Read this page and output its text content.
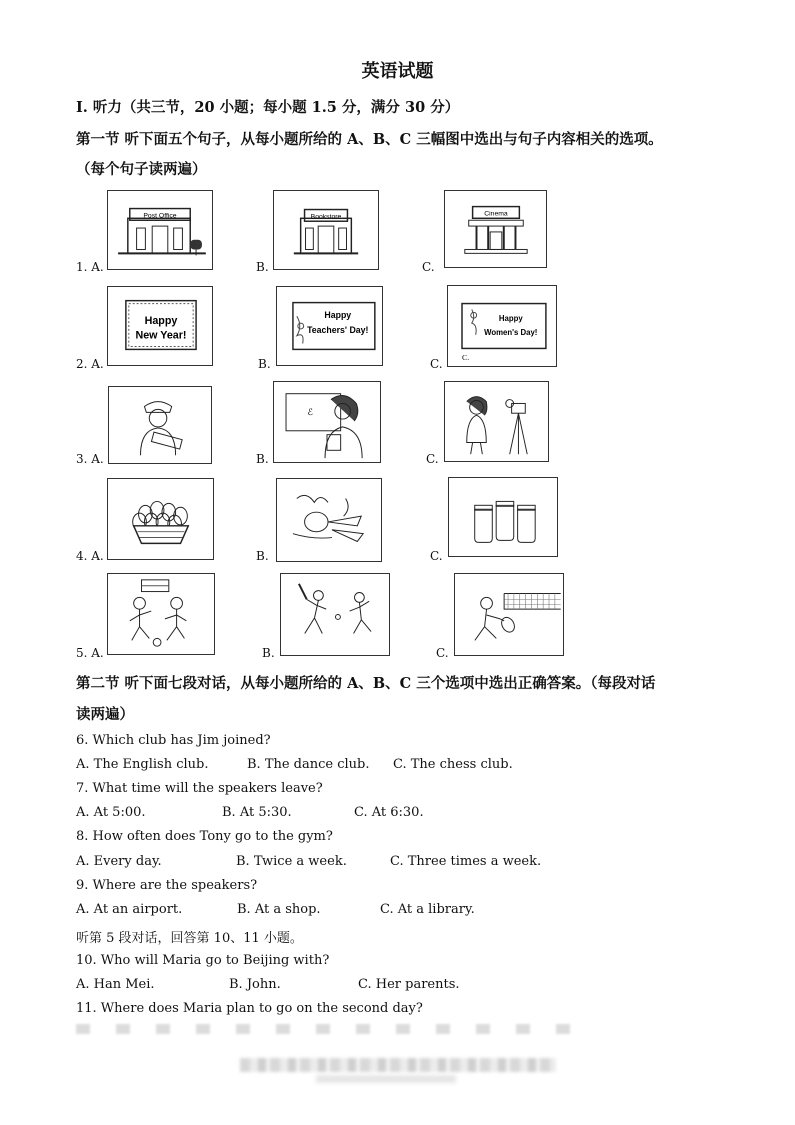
英语试题
Ⅰ. 听力（共三节，20 小题；每小题 1.5 分，满分 30 分）
第一节 听下面五个句子，从每小题所给的 A、B、C 三幅图中选出与句子内容相关的选项。
（每个句子读两遍）
1. A.	B.	C.
Post Office	Bookstore	Cinema
2. A.	B.	C.
Happy
New Year!
Happy
Teachers' Day!
Happy
Women's Day!
C.
3. A.	B.	C.
ℰ
4. A.	B.	C.
5. A.	B.	C.
第二节 听下面七段对话，从每小题所给的 A、B、C 三个选项中选出正确答案。（每段对话
读两遍）
6. Which club has Jim joined?
A. The English club.	B. The dance club. C. The chess club.
7. What time will the speakers leave?
A. At 5:00.	B. At 5:30.	C. At 6:30.
8. How often does Tony go to the gym?
A. Every day.	B. Twice a week.	C. Three times a week.
9. Where are the speakers?
A. At an airport.	B. At a shop.	C. At a library.
听第 5 段对话，回答第 10、11 小题。
10. Who will Maria go to Beijing with?
A. Han Mei.	B. John.	C. Her parents.
11. Where does Maria plan to go on the second day?
